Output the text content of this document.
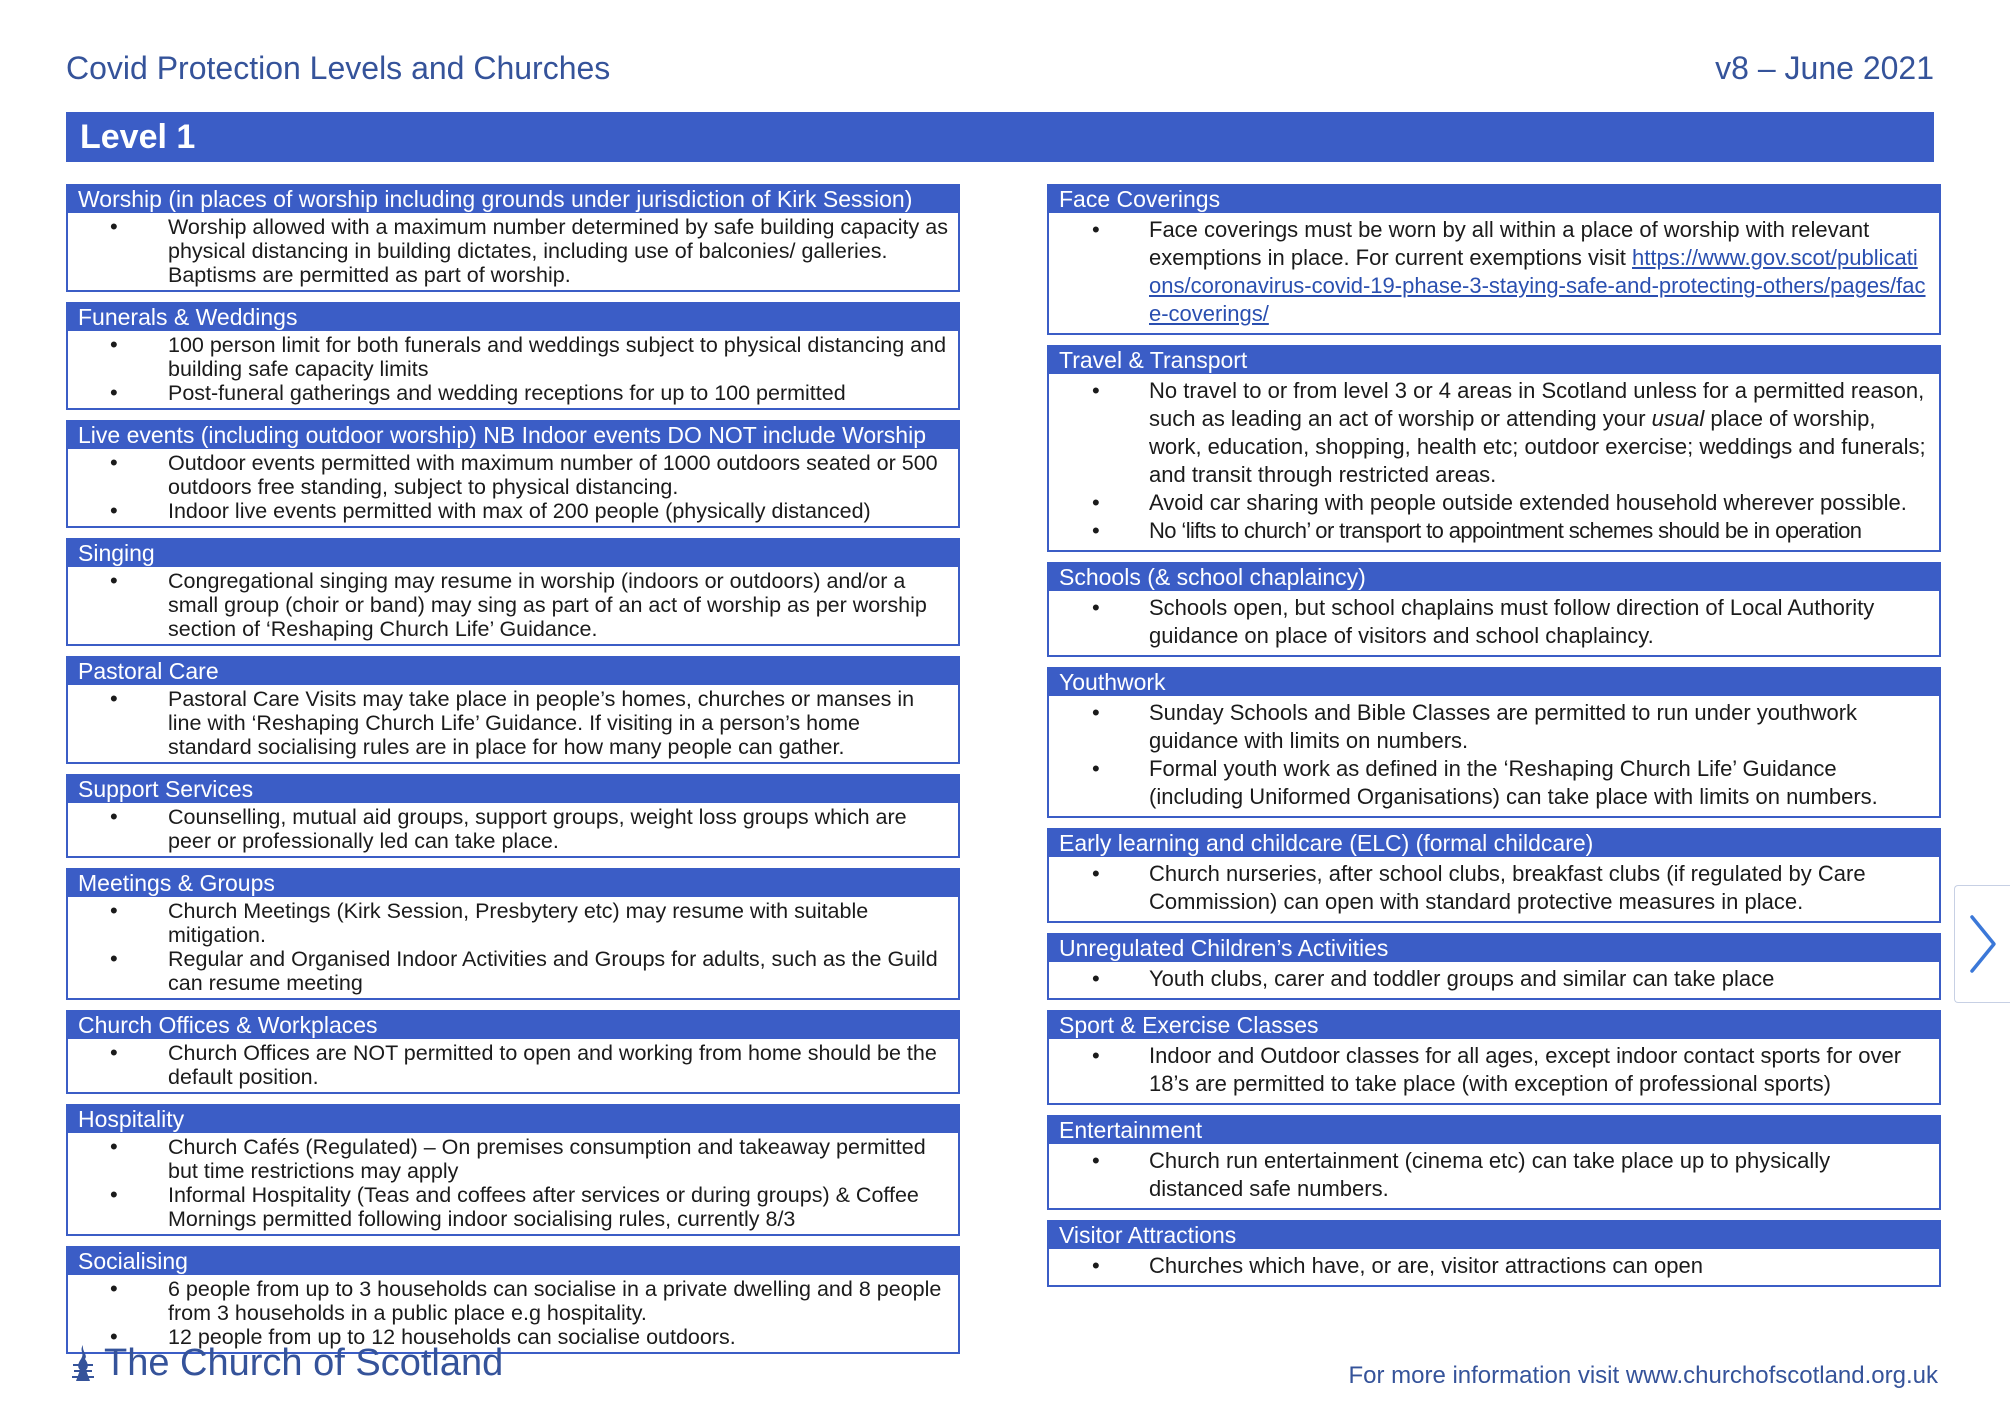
Covid Protection Levels and Churches	v8 – June 2021
Level 1
Worship (in places of worship including grounds under jurisdiction of Kirk Session)
• Worship allowed with a maximum number determined by safe building capacity as physical distancing in building dictates, including use of balconies/ galleries. Baptisms are permitted as part of worship.
Funerals & Weddings
• 100 person limit for both funerals and weddings subject to physical distancing and building safe capacity limits
• Post-funeral gatherings and wedding receptions for up to 100 permitted
Live events (including outdoor worship) NB Indoor events DO NOT include Worship
• Outdoor events permitted with maximum number of 1000 outdoors seated or 500 outdoors free standing, subject to physical distancing.
• Indoor live events permitted with max of 200 people (physically distanced)
Singing
• Congregational singing may resume in worship (indoors or outdoors) and/or a small group (choir or band) may sing as part of an act of worship as per worship section of ‘Reshaping Church Life’ Guidance.
Pastoral Care
• Pastoral Care Visits may take place in people’s homes, churches or manses in line with ‘Reshaping Church Life’ Guidance. If visiting in a person’s home standard socialising rules are in place for how many people can gather.
Support Services
• Counselling, mutual aid groups, support groups, weight loss groups which are peer or professionally led can take place.
Meetings & Groups
• Church Meetings (Kirk Session, Presbytery etc) may resume with suitable mitigation.
• Regular and Organised Indoor Activities and Groups for adults, such as the Guild can resume meeting
Church Offices & Workplaces
• Church Offices are NOT permitted to open and working from home should be the default position.
Hospitality
• Church Cafés (Regulated) – On premises consumption and takeaway permitted but time restrictions may apply
• Informal Hospitality (Teas and coffees after services or during groups) & Coffee Mornings permitted following indoor socialising rules, currently 8/3
Socialising
• 6 people from up to 3 households can socialise in a private dwelling and 8 people from 3 households in a public place e.g hospitality.
• 12 people from up to 12 households can socialise outdoors.
Face Coverings
• Face coverings must be worn by all within a place of worship with relevant exemptions in place. For current exemptions visit https://www.gov.scot/publications/coronavirus-covid-19-phase-3-staying-safe-and-protecting-others/pages/face-coverings/
Travel & Transport
• No travel to or from level 3 or 4 areas in Scotland unless for a permitted reason, such as leading an act of worship or attending your usual place of worship, work, education, shopping, health etc; outdoor exercise; weddings and funerals; and transit through restricted areas.
• Avoid car sharing with people outside extended household wherever possible.
• No ‘lifts to church’ or transport to appointment schemes should be in operation
Schools (& school chaplaincy)
• Schools open, but school chaplains must follow direction of Local Authority guidance on place of visitors and school chaplaincy.
Youthwork
• Sunday Schools and Bible Classes are permitted to run under youthwork guidance with limits on numbers.
• Formal youth work as defined in the ‘Reshaping Church Life’ Guidance (including Uniformed Organisations) can take place with limits on numbers.
Early learning and childcare (ELC) (formal childcare)
• Church nurseries, after school clubs, breakfast clubs (if regulated by Care Commission) can open with standard protective measures in place.
Unregulated Children’s Activities
• Youth clubs, carer and toddler groups and similar can take place
Sport & Exercise Classes
• Indoor and Outdoor classes for all ages, except indoor contact sports for over 18’s are permitted to take place (with exception of professional sports)
Entertainment
• Church run entertainment (cinema etc) can take place up to physically distanced safe numbers.
Visitor Attractions
• Churches which have, or are, visitor attractions can open
The Church of Scotland	For more information visit www.churchofscotland.org.uk
